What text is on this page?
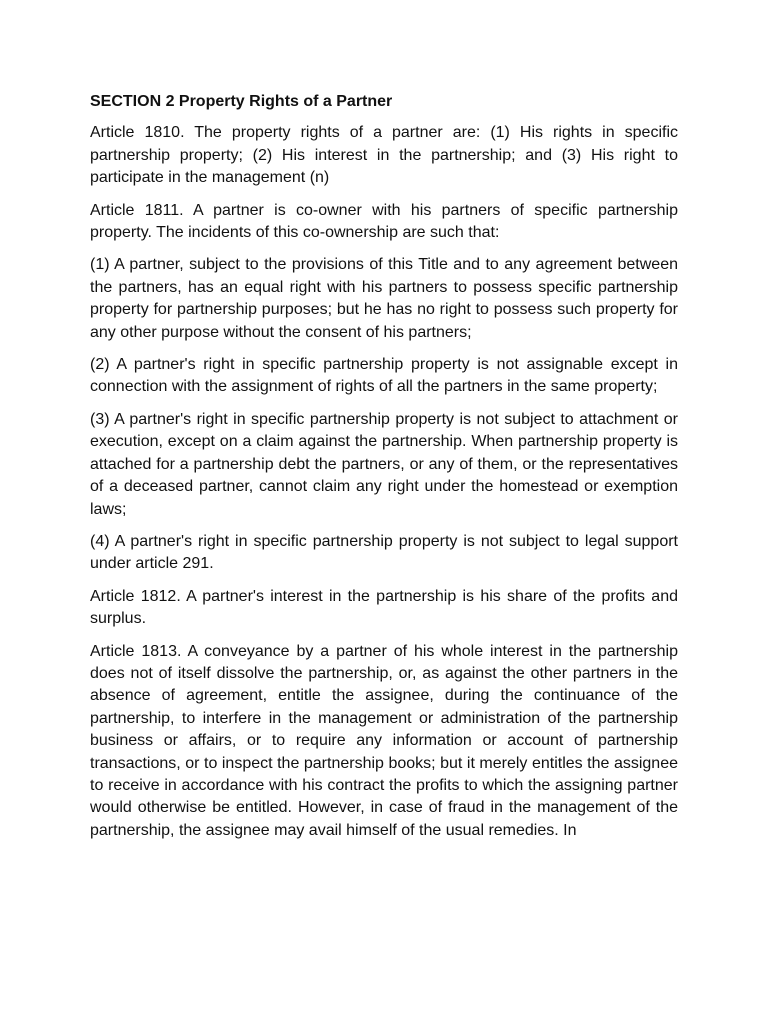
SECTION 2 Property Rights of a Partner

Article 1810. The property rights of a partner are: (1) His rights in specific partnership property; (2) His interest in the partnership; and (3) His right to participate in the management (n)

Article 1811. A partner is co-owner with his partners of specific partnership property. The incidents of this co-ownership are such that:

(1) A partner, subject to the provisions of this Title and to any agreement between the partners, has an equal right with his partners to possess specific partnership property for partnership purposes; but he has no right to possess such property for any other purpose without the consent of his partners;

(2) A partner's right in specific partnership property is not assignable except in connection with the assignment of rights of all the partners in the same property;

(3) A partner's right in specific partnership property is not subject to attachment or execution, except on a claim against the partnership. When partnership property is attached for a partnership debt the partners, or any of them, or the representatives of a deceased partner, cannot claim any right under the homestead or exemption laws;

(4) A partner's right in specific partnership property is not subject to legal support under article 291.

Article 1812. A partner's interest in the partnership is his share of the profits and surplus.

Article 1813. A conveyance by a partner of his whole interest in the partnership does not of itself dissolve the partnership, or, as against the other partners in the absence of agreement, entitle the assignee, during the continuance of the partnership, to interfere in the management or administration of the partnership business or affairs, or to require any information or account of partnership transactions, or to inspect the partnership books; but it merely entitles the assignee to receive in accordance with his contract the profits to which the assigning partner would otherwise be entitled. However, in case of fraud in the management of the partnership, the assignee may avail himself of the usual remedies. In
